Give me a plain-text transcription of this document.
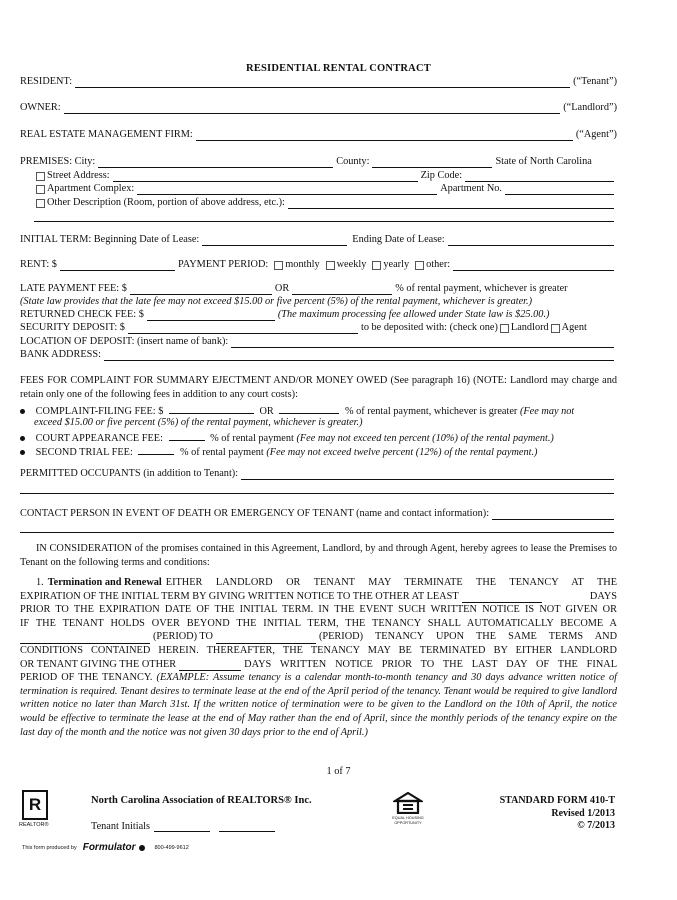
RESIDENTIAL RENTAL CONTRACT
RESIDENT:	(“Tenant”)
OWNER:	(“Landlord”)
REAL ESTATE MANAGEMENT FIRM:	(“Agent”)
PREMISES: City:	County:	State of North Carolina
Street Address:	Zip Code:
Apartment Complex:	Apartment No.
Other Description (Room, portion of above address, etc.):
INITIAL TERM: Beginning Date of Lease:	Ending Date of Lease:
RENT: $	PAYMENT PERIOD: monthly weekly yearly other:
LATE PAYMENT FEE: $	OR	% of rental payment, whichever is greater
(State law provides that the late fee may not exceed $15.00 or five percent (5%) of the rental payment, whichever is greater.)
RETURNED CHECK FEE: $	(The maximum processing fee allowed under State law is $25.00.)
SECURITY DEPOSIT: $	to be deposited with: (check one) Landlord Agent
LOCATION OF DEPOSIT: (insert name of bank):
BANK ADDRESS:
FEES FOR COMPLAINT FOR SUMMARY EJECTMENT AND/OR MONEY OWED (See paragraph 16) (NOTE: Landlord may charge and retain only one of the following fees in addition to any court costs):
COMPLAINT-FILING FEE: $	OR	% of rental payment, whichever is greater (Fee may not
exceed $15.00 or five percent (5%) of the rental payment, whichever is greater.)
COURT APPEARANCE FEE:	% of rental payment (Fee may not exceed ten percent (10%) of the rental payment.)
SECOND TRIAL FEE:	% of rental payment (Fee may not exceed twelve percent (12%) of the rental payment.)
PERMITTED OCCUPANTS (in addition to Tenant):
CONTACT PERSON IN EVENT OF DEATH OR EMERGENCY OF TENANT (name and contact information):
IN CONSIDERATION of the promises contained in this Agreement, Landlord, by and through Agent, hereby agrees to lease the Premises to Tenant on the following terms and conditions:
1. Termination and Renewal EITHER LANDLORD OR TENANT MAY TERMINATE THE TENANCY AT THE
EXPIRATION OF THE INITIAL TERM BY GIVING WRITTEN NOTICE TO THE OTHER AT LEAST	DAYS
PRIOR TO THE EXPIRATION DATE OF THE INITIAL TERM. IN THE EVENT SUCH WRITTEN NOTICE IS NOT GIVEN OR
IF THE TENANT HOLDS OVER BEYOND THE INITIAL TERM, THE TENANCY SHALL AUTOMATICALLY BECOME A
(PERIOD) TO	(PERIOD) TENANCY UPON THE SAME TERMS AND
CONDITIONS CONTAINED HEREIN. THEREAFTER, THE TENANCY MAY BE TERMINATED BY EITHER LANDLORD
OR TENANT GIVING THE OTHER	DAYS WRITTEN NOTICE PRIOR TO THE LAST DAY OF THE FINAL
PERIOD OF THE TENANCY. (EXAMPLE: Assume tenancy is a calendar month-to-month tenancy and 30 days advance written notice of termination is required. Tenant desires to terminate lease at the end of the April period of the tenancy. Tenant would be required to give landlord written notice no later than March 31st. If the written notice of termination were to be given to the Landlord on the 10th of April, the notice would be effective to terminate the lease at the end of May rather than the end of April, since the monthly periods of the tenancy expire on the last day of the month and the notice was not given 30 days prior to the end of April.)
1 of 7
R
REALTOR®
North Carolina Association of REALTORS® Inc.
Tenant Initials
EQUAL HOUSING OPPORTUNITY
STANDARD FORM 410-T
Revised 1/2013
© 7/2013
This form produced by Formulator	800-499-9612
